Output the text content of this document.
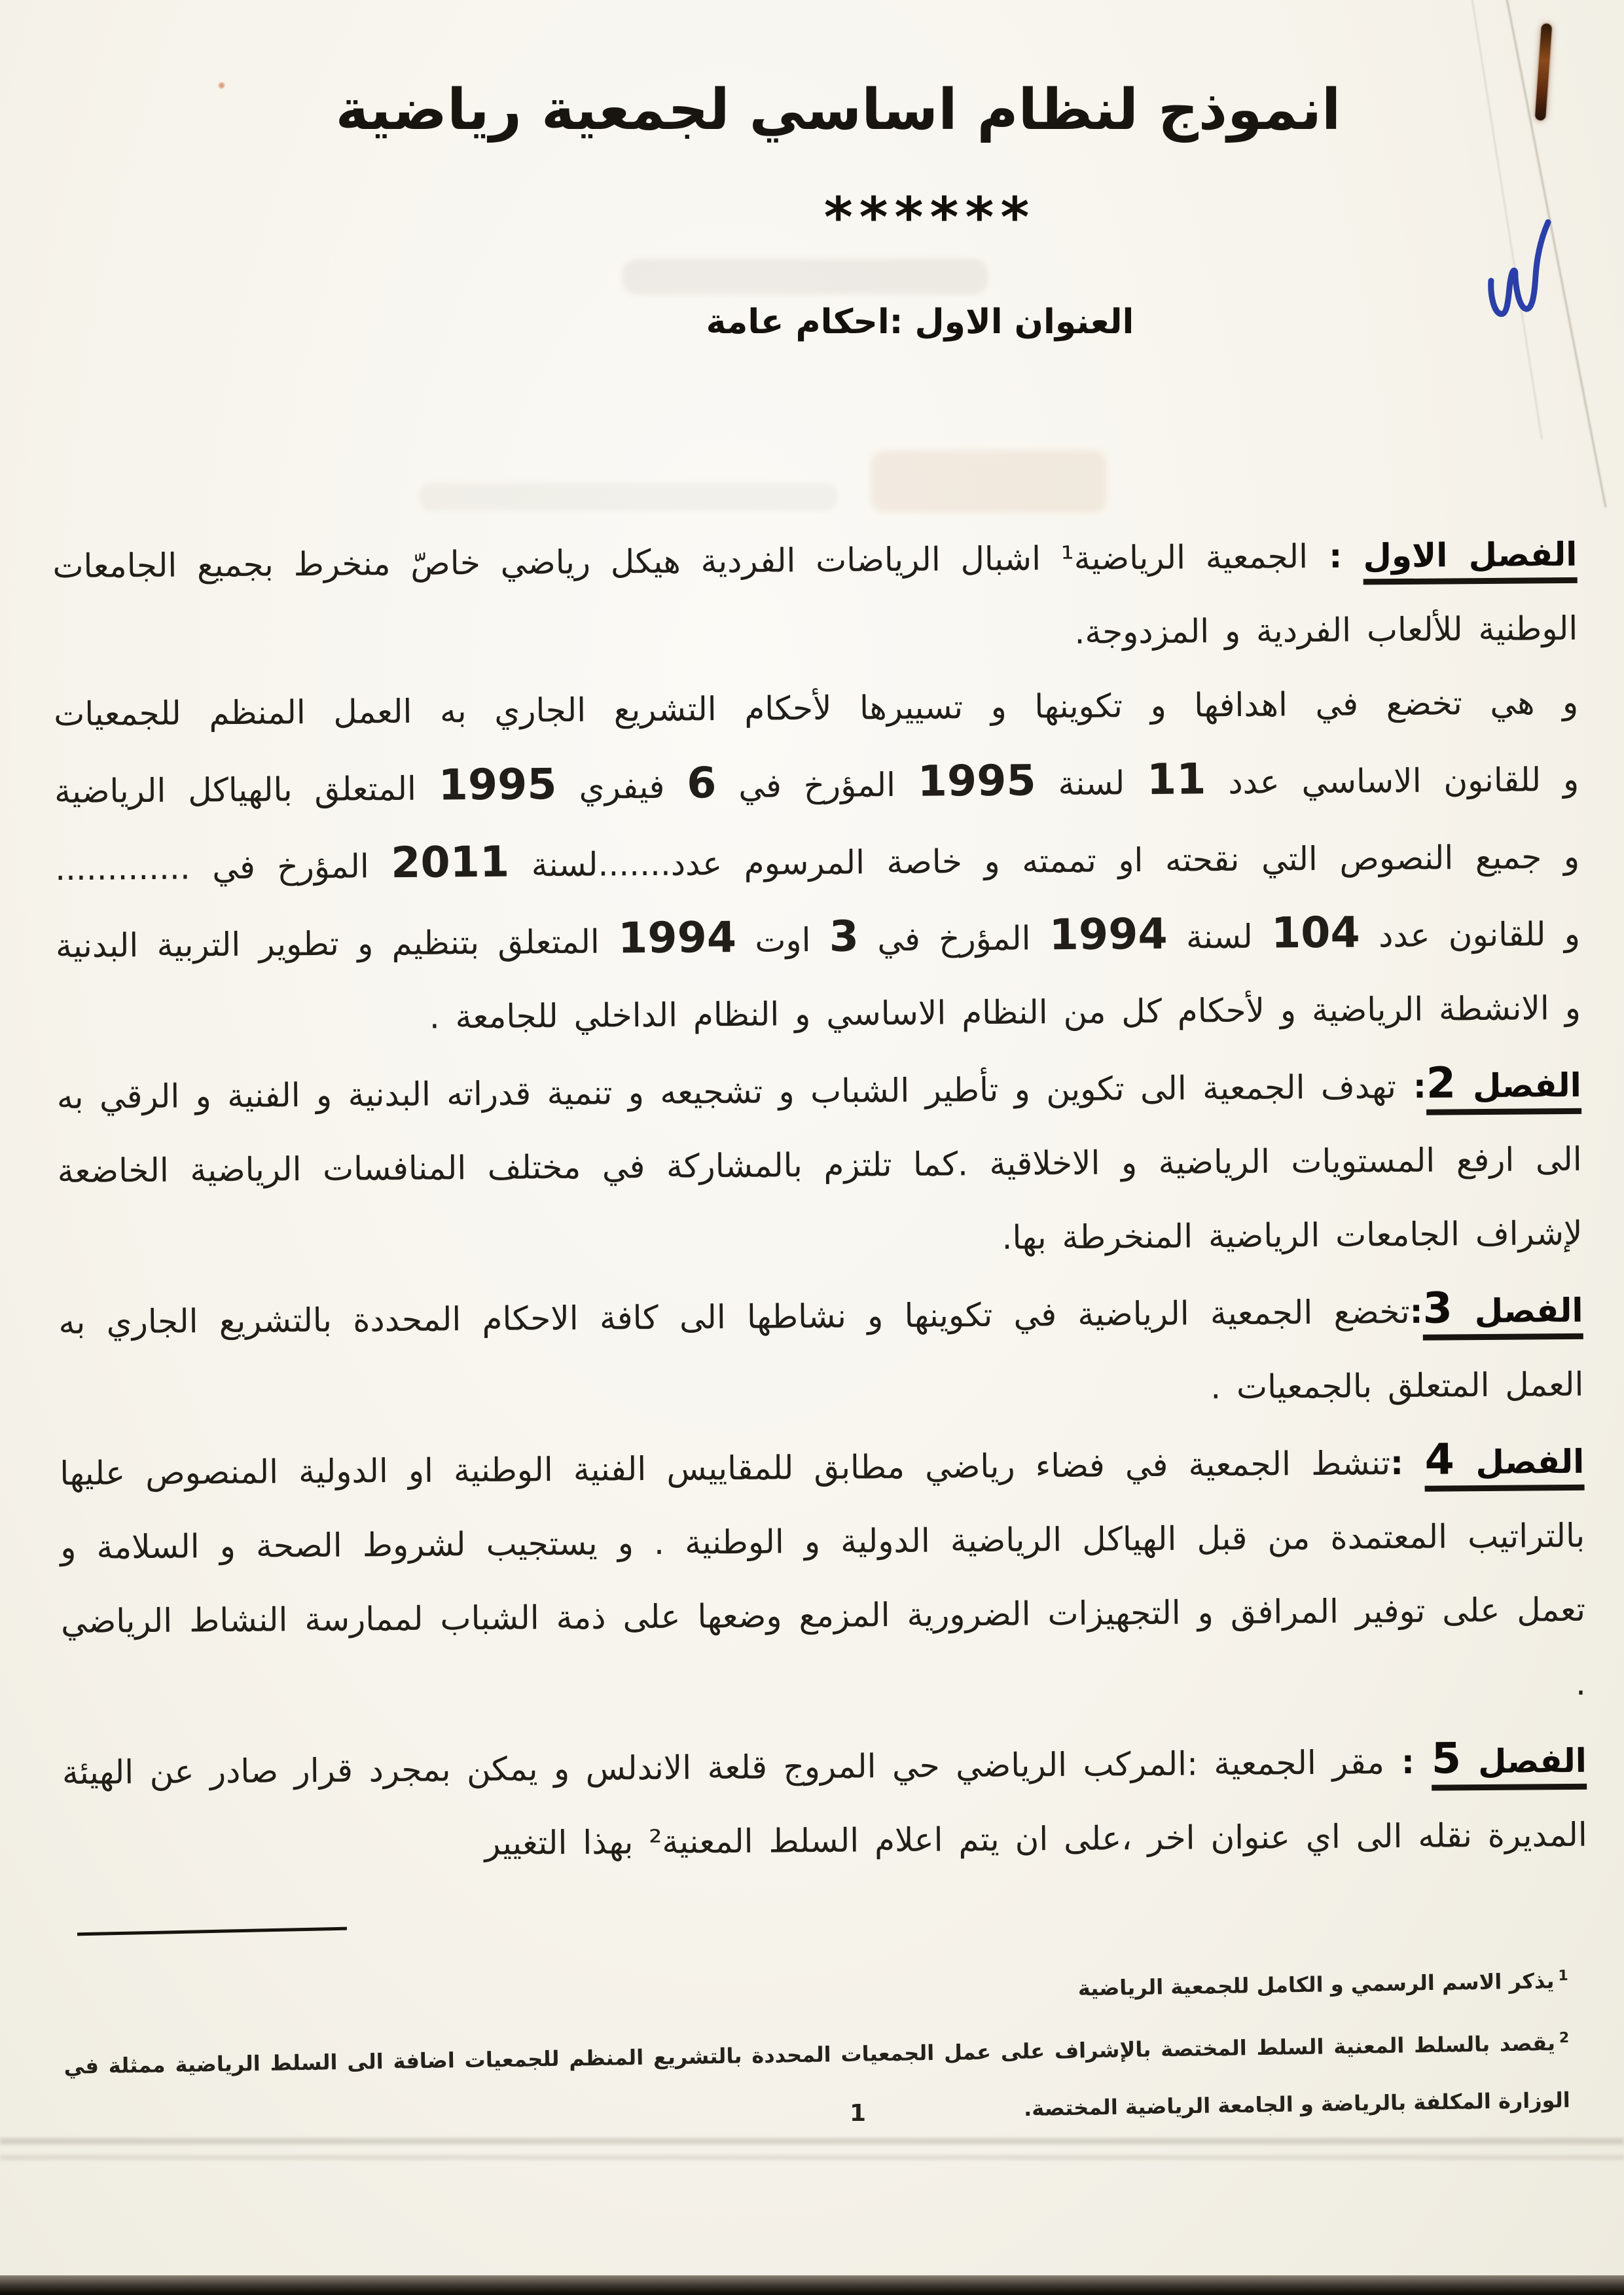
انموذج لنظام اساسي لجمعية رياضية
******
العنوان الاول :احكام عامة

الفصل الاول : الجمعية الرياضية¹ اشبال الرياضات الفردية هيكل رياضي خاصّ منخرط بجميع الجامعات الوطنية للألعاب الفردية و المزدوجة.

و هي تخضع في اهدافها و تكوينها و تسييرها لأحكام التشريع الجاري به العمل المنظم للجمعيات

و للقانون الاساسي عدد 11 لسنة 1995 المؤرخ في 6 فيفري 1995 المتعلق بالهياكل الرياضية

و جميع النصوص التي نقحته او تممته و خاصة المرسوم عدد.......لسنة 2011 المؤرخ في .............

و للقانون عدد 104 لسنة 1994 المؤرخ في 3 اوت 1994 المتعلق بتنظيم و تطوير التربية البدنية

و الانشطة الرياضية و لأحكام كل من النظام الاساسي و النظام الداخلي للجامعة .

الفصل 2: تهدف الجمعية الى تكوين و تأطير الشباب و تشجيعه و تنمية قدراته البدنية و الفنية و الرقي به الى ارفع المستويات الرياضية و الاخلاقية .كما تلتزم بالمشاركة في مختلف المنافسات الرياضية الخاضعة لإشراف الجامعات الرياضية المنخرطة بها.

الفصل 3:تخضع الجمعية الرياضية في تكوينها و نشاطها الى كافة الاحكام المحددة بالتشريع الجاري به العمل المتعلق بالجمعيات .

الفصل 4 :تنشط الجمعية في فضاء رياضي مطابق للمقاييس الفنية الوطنية او الدولية المنصوص عليها بالتراتيب المعتمدة من قبل الهياكل الرياضية الدولية و الوطنية . و يستجيب لشروط الصحة و السلامة و تعمل على توفير المرافق و التجهيزات الضرورية المزمع وضعها على ذمة الشباب لممارسة النشاط الرياضي .

الفصل 5 : مقر الجمعية :المركب الرياضي حي المروج قلعة الاندلس و يمكن بمجرد قرار صادر عن الهيئة المديرة نقله الى اي عنوان اخر ،على ان يتم اعلام السلط المعنية² بهذا التغيير

$^1$يذكر الاسم الرسمي و الكامل للجمعية الرياضية

$^2$يقصد بالسلط المعنية السلط المختصة بالإشراف على عمل الجمعيات المحددة بالتشريع المنظم للجمعيات اضافة الى السلط الرياضية ممثلة في الوزارة المكلفة بالرياضة و الجامعة الرياضية المختصة.

1
